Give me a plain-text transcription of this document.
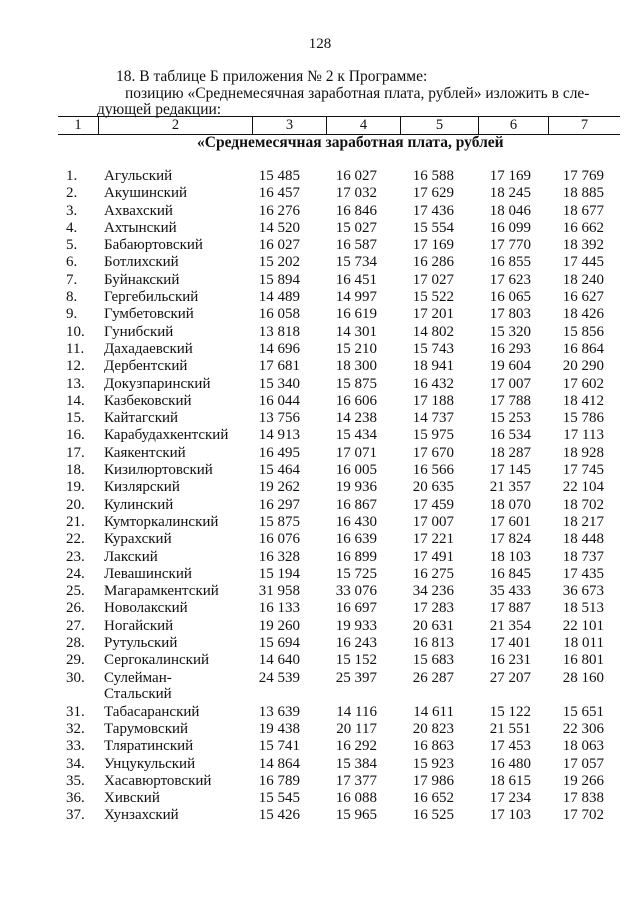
128
18. В таблице Б приложения № 2 к Программе:
позицию «Среднемесячная заработная плата, рублей» изложить в сле-
дующей редакции:
1	2	3	4	5	6	7
«Среднемесячная заработная плата, рублей
1. Агульский	15 485	16 027	16 588	17 169	17 769
2. Акушинский	16 457	17 032	17 629	18 245	18 885
3. Ахвахский	16 276	16 846	17 436	18 046	18 677
4. Ахтынский	14 520	15 027	15 554	16 099	16 662
5. Бабаюртовский	16 027	16 587	17 169	17 770	18 392
6. Ботлихский	15 202	15 734	16 286	16 855	17 445
7. Буйнакский	15 894	16 451	17 027	17 623	18 240
8. Гергебильский	14 489	14 997	15 522	16 065	16 627
9. Гумбетовский	16 058	16 619	17 201	17 803	18 426
10. Гунибский	13 818	14 301	14 802	15 320	15 856
11. Дахадаевский	14 696	15 210	15 743	16 293	16 864
12. Дербентский	17 681	18 300	18 941	19 604	20 290
13. Докузпаринский	15 340	15 875	16 432	17 007	17 602
14. Казбековский	16 044	16 606	17 188	17 788	18 412
15. Кайтагский	13 756	14 238	14 737	15 253	15 786
16. Карабудахкентский	14 913	15 434	15 975	16 534	17 113
17. Каякентский	16 495	17 071	17 670	18 287	18 928
18. Кизилюртовский	15 464	16 005	16 566	17 145	17 745
19. Кизлярский	19 262	19 936	20 635	21 357	22 104
20. Кулинский	16 297	16 867	17 459	18 070	18 702
21. Кумторкалинский	15 875	16 430	17 007	17 601	18 217
22. Курахский	16 076	16 639	17 221	17 824	18 448
23. Лакский	16 328	16 899	17 491	18 103	18 737
24. Левашинский	15 194	15 725	16 275	16 845	17 435
25. Магарамкентский	31 958	33 076	34 236	35 433	36 673
26. Новолакский	16 133	16 697	17 283	17 887	18 513
27. Ногайский	19 260	19 933	20 631	21 354	22 101
28. Рутульский	15 694	16 243	16 813	17 401	18 011
29. Сергокалинский	14 640	15 152	15 683	16 231	16 801
30. Сулейман-
Стальский
24 539	25 397	26 287	27 207	28 160
31. Табасаранский	13 639	14 116	14 611	15 122	15 651
32. Тарумовский	19 438	20 117	20 823	21 551	22 306
33. Тляратинский	15 741	16 292	16 863	17 453	18 063
34. Унцукульский	14 864	15 384	15 923	16 480	17 057
35. Хасавюртовский	16 789	17 377	17 986	18 615	19 266
36. Хивский	15 545	16 088	16 652	17 234	17 838
37. Хунзахский	15 426	15 965	16 525	17 103	17 702
